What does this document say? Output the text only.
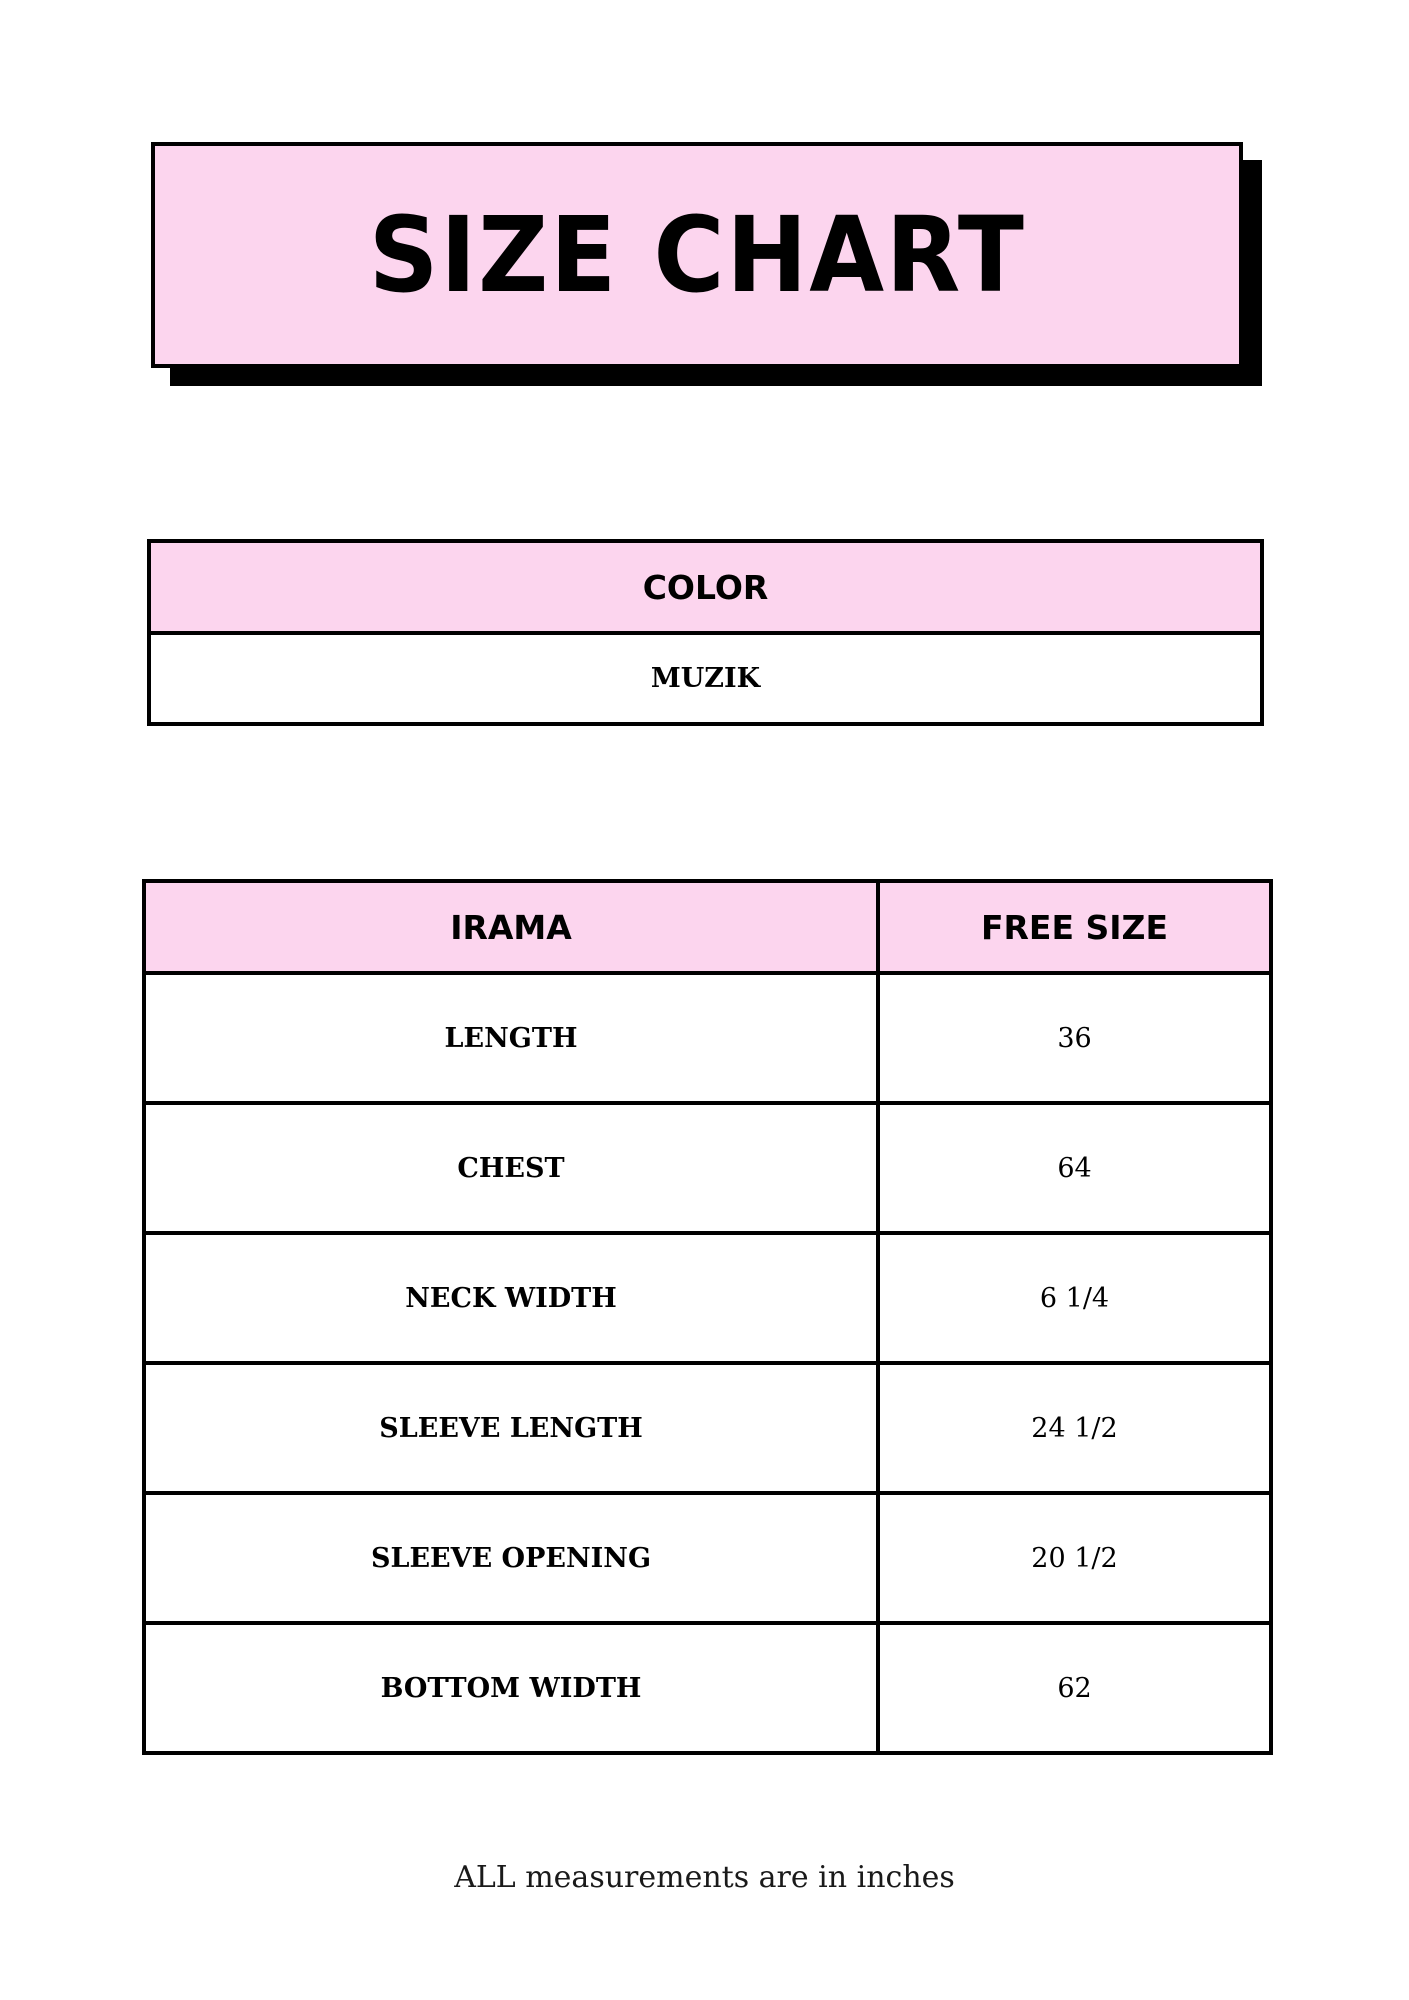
SIZE CHART
COLOR
MUZIK
IRAMA	FREE SIZE
LENGTH	36
CHEST	64
NECK WIDTH	6 1/4
SLEEVE LENGTH	24 1/2
SLEEVE OPENING	20 1/2
BOTTOM WIDTH	62
ALL measurements are in inches
